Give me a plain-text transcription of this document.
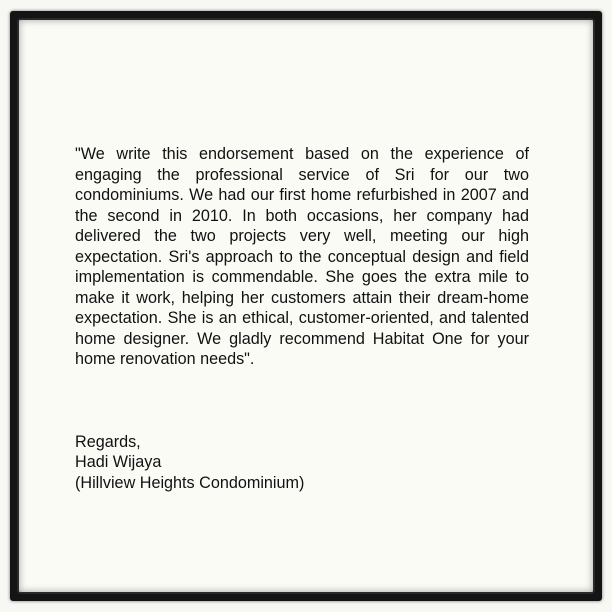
"We write this endorsement based on the experience of engaging the professional service of Sri for our two condominiums. We had our first home refurbished in 2007 and the second in 2010. In both occasions, her company had delivered the two projects very well, meeting our high expectation. Sri's approach to the conceptual design and field implementation is commendable. She goes the extra mile to make it work, helping her customers attain their dream-home expectation. She is an ethical, customer-oriented, and talented home designer. We gladly recommend Habitat One for your home renovation needs".

Regards,
Hadi Wijaya
(Hillview Heights Condominium)
